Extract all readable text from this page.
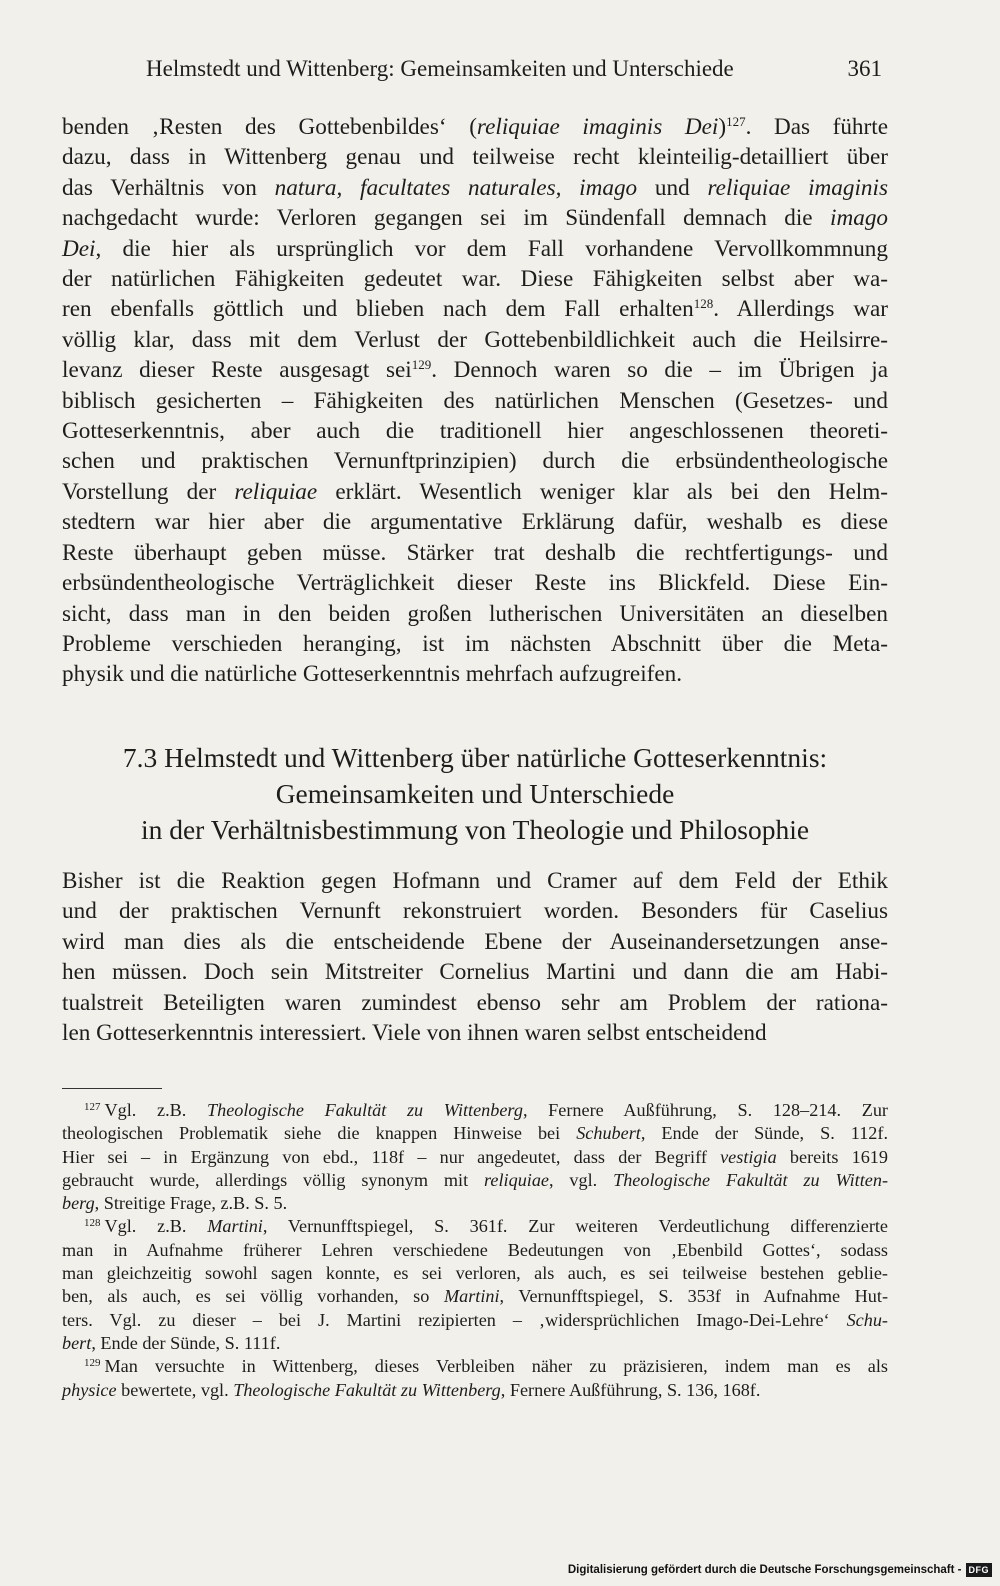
Helmstedt und Wittenberg: Gemeinsamkeiten und Unterschiede	361
benden ‚Resten des Gottebenbildes‘ (reliquiae imaginis Dei)$^{127}$. Das führte
dazu, dass in Wittenberg genau und teilweise recht kleinteilig-detailliert über
das Verhältnis von natura, facultates naturales, imago und reliquiae imaginis
nachgedacht wurde: Verloren gegangen sei im Sündenfall demnach die imago
Dei, die hier als ursprünglich vor dem Fall vorhandene Vervollkommnung
der natürlichen Fähigkeiten gedeutet war. Diese Fähigkeiten selbst aber wa-
ren ebenfalls göttlich und blieben nach dem Fall erhalten$^{128}$. Allerdings war
völlig klar, dass mit dem Verlust der Gottebenbildlichkeit auch die Heilsirre-
levanz dieser Reste ausgesagt sei$^{129}$. Dennoch waren so die – im Übrigen ja
biblisch gesicherten – Fähigkeiten des natürlichen Menschen (Gesetzes- und
Gotteserkenntnis, aber auch die traditionell hier angeschlossenen theoreti-
schen und praktischen Vernunftprinzipien) durch die erbsündentheologische
Vorstellung der reliquiae erklärt. Wesentlich weniger klar als bei den Helm-
stedtern war hier aber die argumentative Erklärung dafür, weshalb es diese
Reste überhaupt geben müsse. Stärker trat deshalb die rechtfertigungs- und
erbsündentheologische Verträglichkeit dieser Reste ins Blickfeld. Diese Ein-
sicht, dass man in den beiden großen lutherischen Universitäten an dieselben
Probleme verschieden heranging, ist im nächsten Abschnitt über die Meta-
physik und die natürliche Gotteserkenntnis mehrfach aufzugreifen.
7.3 Helmstedt und Wittenberg über natürliche Gotteserkenntnis:
Gemeinsamkeiten und Unterschiede
in der Verhältnisbestimmung von Theologie und Philosophie
Bisher ist die Reaktion gegen Hofmann und Cramer auf dem Feld der Ethik
und der praktischen Vernunft rekonstruiert worden. Besonders für Caselius
wird man dies als die entscheidende Ebene der Auseinandersetzungen anse-
hen müssen. Doch sein Mitstreiter Cornelius Martini und dann die am Habi-
tualstreit Beteiligten waren zumindest ebenso sehr am Problem der rationa-
len Gotteserkenntnis interessiert. Viele von ihnen waren selbst entscheidend
$^{127}$ Vgl. z.B. Theologische Fakultät zu Wittenberg, Fernere Außführung, S. 128–214. Zur
theologischen Problematik siehe die knappen Hinweise bei Schubert, Ende der Sünde, S. 112f.
Hier sei – in Ergänzung von ebd., 118f – nur angedeutet, dass der Begriff vestigia bereits 1619
gebraucht wurde, allerdings völlig synonym mit reliquiae, vgl. Theologische Fakultät zu Witten-
berg, Streitige Frage, z.B. S. 5.
$^{128}$ Vgl. z.B. Martini, Vernunfftspiegel, S. 361f. Zur weiteren Verdeutlichung differenzierte
man in Aufnahme früherer Lehren verschiedene Bedeutungen von ‚Ebenbild Gottes‘, sodass
man gleichzeitig sowohl sagen konnte, es sei verloren, als auch, es sei teilweise bestehen geblie-
ben, als auch, es sei völlig vorhanden, so Martini, Vernunfftspiegel, S. 353f in Aufnahme Hut-
ters. Vgl. zu dieser – bei J. Martini rezipierten – ‚widersprüchlichen Imago-Dei-Lehre‘ Schu-
bert, Ende der Sünde, S. 111f.
$^{129}$ Man versuchte in Wittenberg, dieses Verbleiben näher zu präzisieren, indem man es als
physice bewertete, vgl. Theologische Fakultät zu Wittenberg, Fernere Außführung, S. 136, 168f.
Digitalisierung gefördert durch die Deutsche Forschungsgemeinschaft - DFG
